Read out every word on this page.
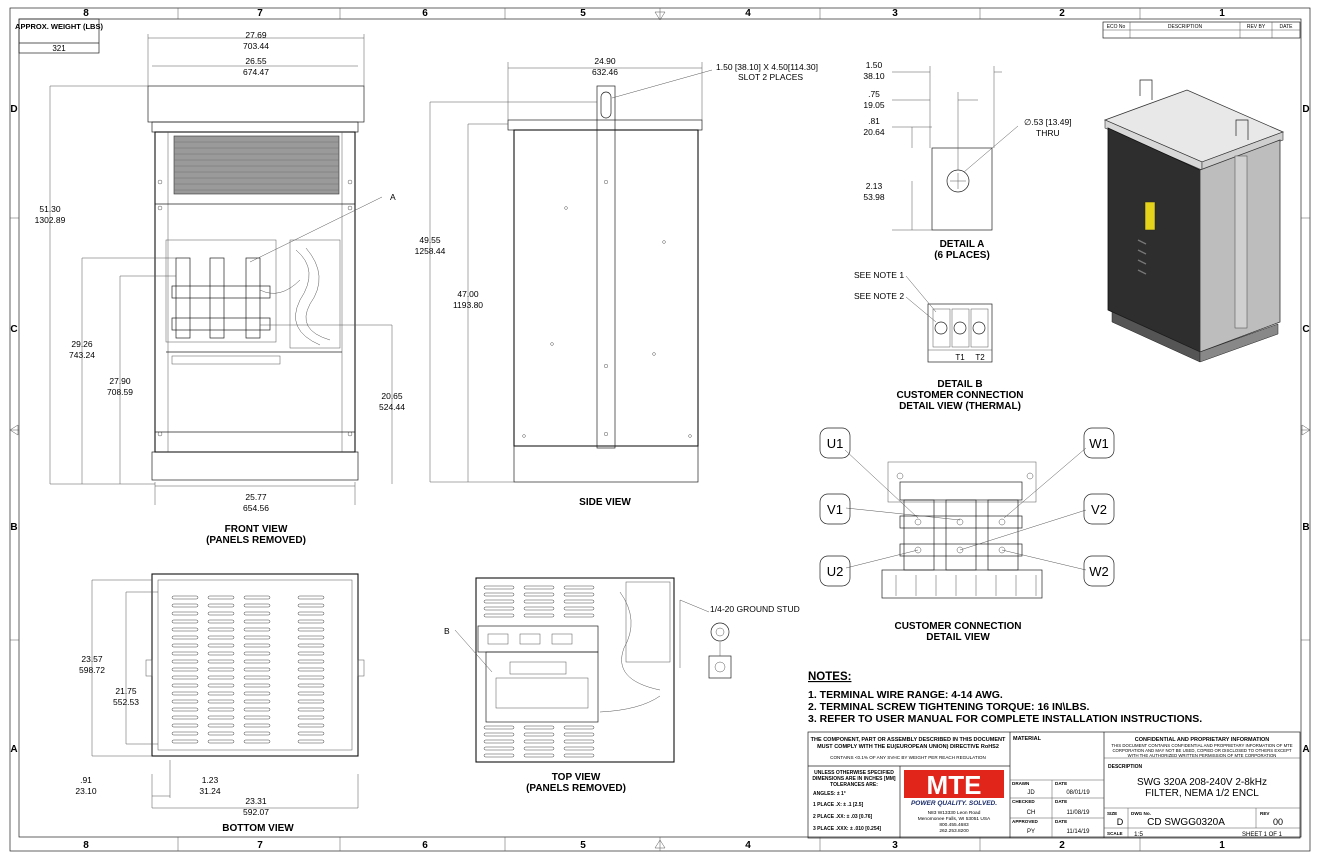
8	7	6	5	4	3	2	1
8	7	6	5	4	3	2	1
D
C
B
A
D
C
B
A
APPROX. WEIGHT (LBS)
321
ECO No	DESCRIPTION	REV BY	DATE
27.69
703.44
26.55
674.47
51.30
1302.89
29.26
743.24
27.90
708.59	20.65
524.44
25.77
654.56
A
FRONT VIEW
(PANELS REMOVED)
24.90
632.46
49.55
1258.44
47.00
1193.80
1.50 [38.10] X 4.50[114.30]
SLOT 2 PLACES
SIDE VIEW
1.50
38.10
.75
19.05
.81
20.64
2.13
53.98
∅.53 [13.49]
THRU
DETAIL A
(6 PLACES)
SEE NOTE 1
SEE NOTE 2
T1 T2
DETAIL B
CUSTOMER CONNECTION
DETAIL VIEW (THERMAL)
U1
V1
U2
W1
V2
W2
CUSTOMER CONNECTION
DETAIL VIEW
23.57
598.72
21.75
552.53
.91
23.10
1.23
31.24
23.31
592.07
BOTTOM VIEW
1/4-20 GROUND STUD
B
TOP VIEW
(PANELS REMOVED)
NOTES:
1. TERMINAL WIRE RANGE: 4-14 AWG.
2. TERMINAL SCREW TIGHTENING TORQUE: 16 IN\LBS.
3. REFER TO USER MANUAL FOR COMPLETE INSTALLATION INSTRUCTIONS.
THE COMPONENT, PART OR ASSEMBLY DESCRIBED IN THIS DOCUMENT
MUST COMPLY WITH THE EU(EUROPEAN UNION) DIRECTIVE RoHS2
CONTAINS <0.1% OF ANY SVHC BY WEIGHT PER REACH REGULATION
UNLESS OTHERWISE SPECIFIED
DIMENSIONS ARE IN INCHES [MM]
TOLERANCES ARE:
ANGLES: ± 1°
1 PLACE .X: ± .1 [2.5]
2 PLACE .XX: ± .03 [0.76]
3 PLACE .XXX: ± .010 [0.254]
MTE
POWER QUALITY. SOLVED.
N83 W13330 Leon Road
Menomonee Falls, WI 53051 USA
800.455.4683
262.253.8200
MATERIAL
DRAWN
JD
DATE
08/01/19
CHECKED
CH
DATE
11/08/19
APPROVED
PY
DATE
11/14/19
CONFIDENTIAL AND PROPRIETARY INFORMATION
THIS DOCUMENT CONTAINS CONFIDENTIAL AND PROPRIETARY INFORMATION OF MTE
CORPORATION AND MAY NOT BE USED, COPIED OR DISCLOSED TO OTHERS EXCEPT
WITH THE AUTHORIZED WRITTEN PERMISSION OF MTE CORPORATION
DESCRIPTION
SWG 320A 208-240V 2-8kHz
FILTER, NEMA 1/2 ENCL
SIZE
D
DWG No.
CD SWGG0320A
REV
00
SCALE 1:5	SHEET 1 OF 1
